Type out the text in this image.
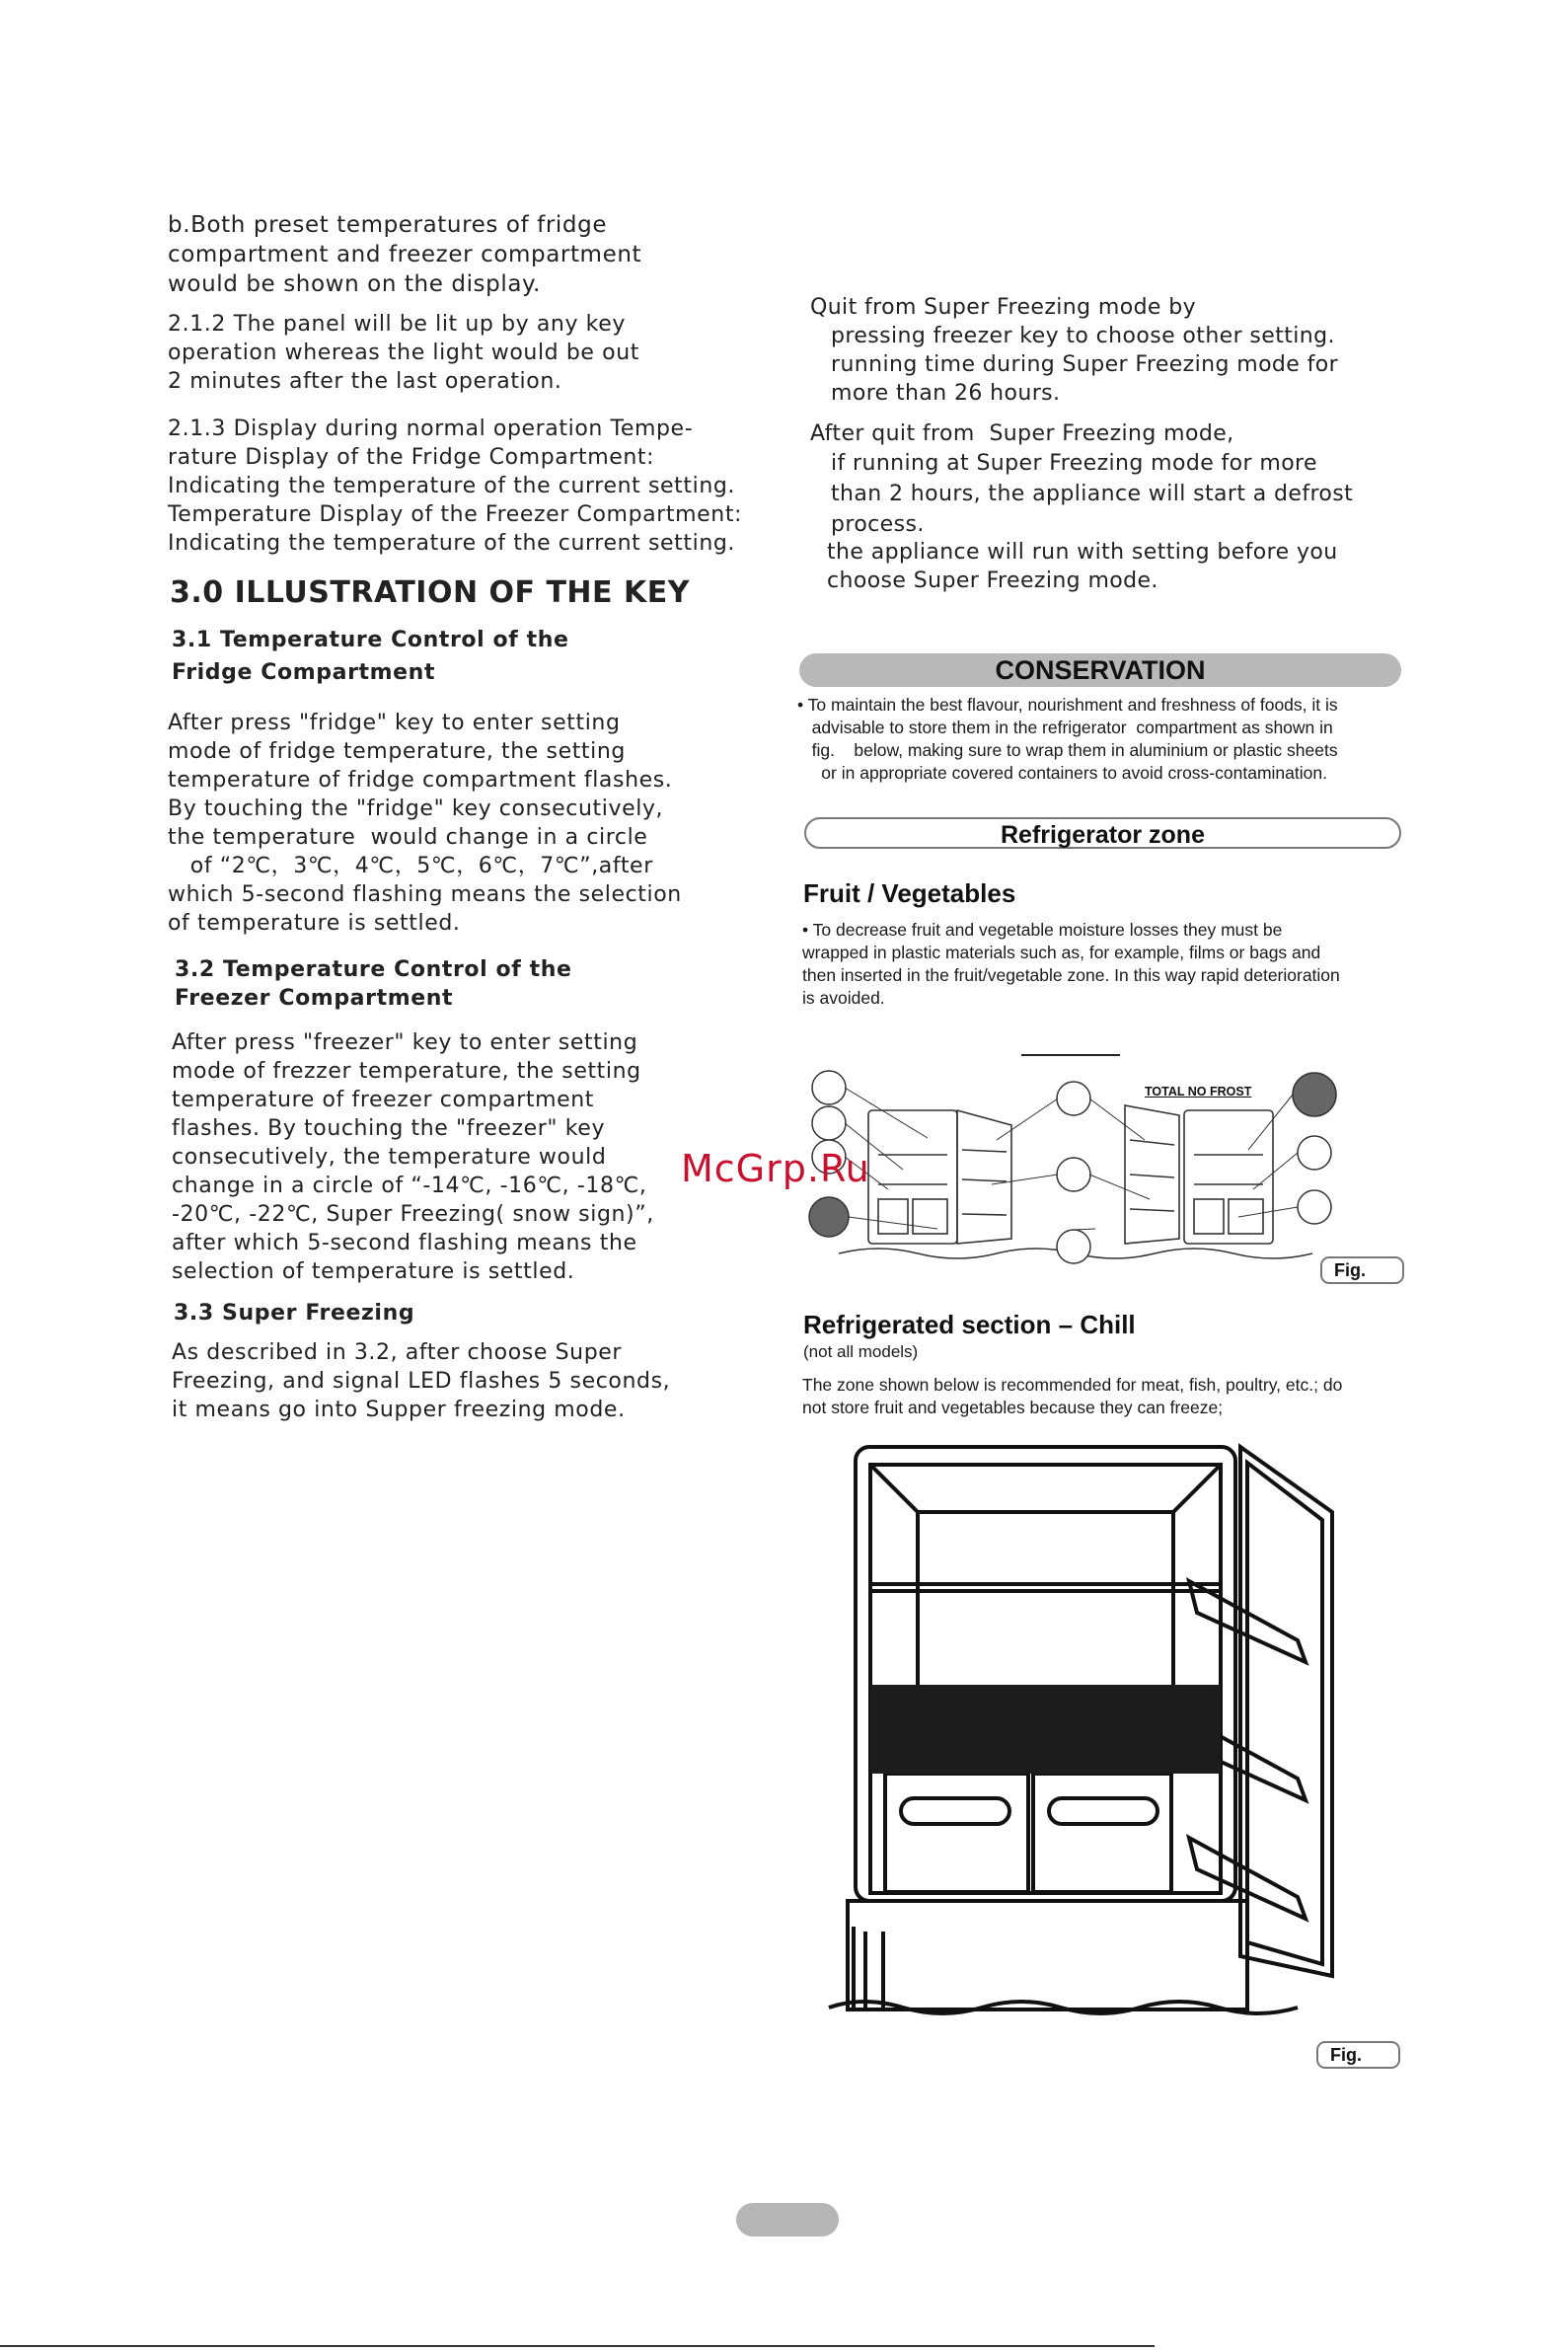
b.Both preset temperatures of fridge
compartment and freezer compartment
would be shown on the display.
2.1.2 The panel will be lit up by any key
operation whereas the light would be out
2 minutes after the last operation.
2.1.3 Display during normal operation Tempe-
rature Display of the Fridge Compartment:
Indicating the temperature of the current setting.
Temperature Display of the Freezer Compartment:
Indicating the temperature of the current setting.
3.0 ILLUSTRATION OF THE KEY
3.1 Temperature Control of the
Fridge Compartment
After press "fridge" key to enter setting
mode of fridge temperature, the setting
temperature of fridge compartment flashes.
By touching the "fridge" key consecutively,
the temperature  would change in a circle
of “2℃，3℃，4℃，5℃，6℃，7℃”,after
which 5-second flashing means the selection
of temperature is settled.
3.2 Temperature Control of the
Freezer Compartment
After press "freezer" key to enter setting
mode of frezzer temperature, the setting
temperature of freezer compartment
flashes. By touching the "freezer" key
consecutively, the temperature would
change in a circle of “-14℃, -16℃, -18℃,
-20℃, -22℃, Super Freezing( snow sign)”,
after which 5-second flashing means the
selection of temperature is settled.
3.3 Super Freezing
As described in 3.2, after choose Super
Freezing, and signal LED flashes 5 seconds,
it means go into Supper freezing mode.
Quit from Super Freezing mode by
pressing freezer key to choose other setting.
running time during Super Freezing mode for
more than 26 hours.
After quit from  Super Freezing mode,
if running at Super Freezing mode for more
than 2 hours, the appliance will start a defrost
process.
the appliance will run with setting before you
choose Super Freezing mode.
CONSERVATION
• To maintain the best flavour, nourishment and freshness of foods, it is
advisable to store them in the refrigerator  compartment as shown in
fig.    below, making sure to wrap them in aluminium or plastic sheets
or in appropriate covered containers to avoid cross-contamination.
Refrigerator zone
Fruit / Vegetables
• To decrease fruit and vegetable moisture losses they must be
wrapped in plastic materials such as, for example, films or bags and
then inserted in the fruit/vegetable zone. In this way rapid deterioration
is avoided.
TOTAL NO FROST
Fig.
McGrp.Ru
Refrigerated section – Chill
(not all models)
The zone shown below is recommended for meat, fish, poultry, etc.; do
not store fruit and vegetables because they can freeze;
Fig.
